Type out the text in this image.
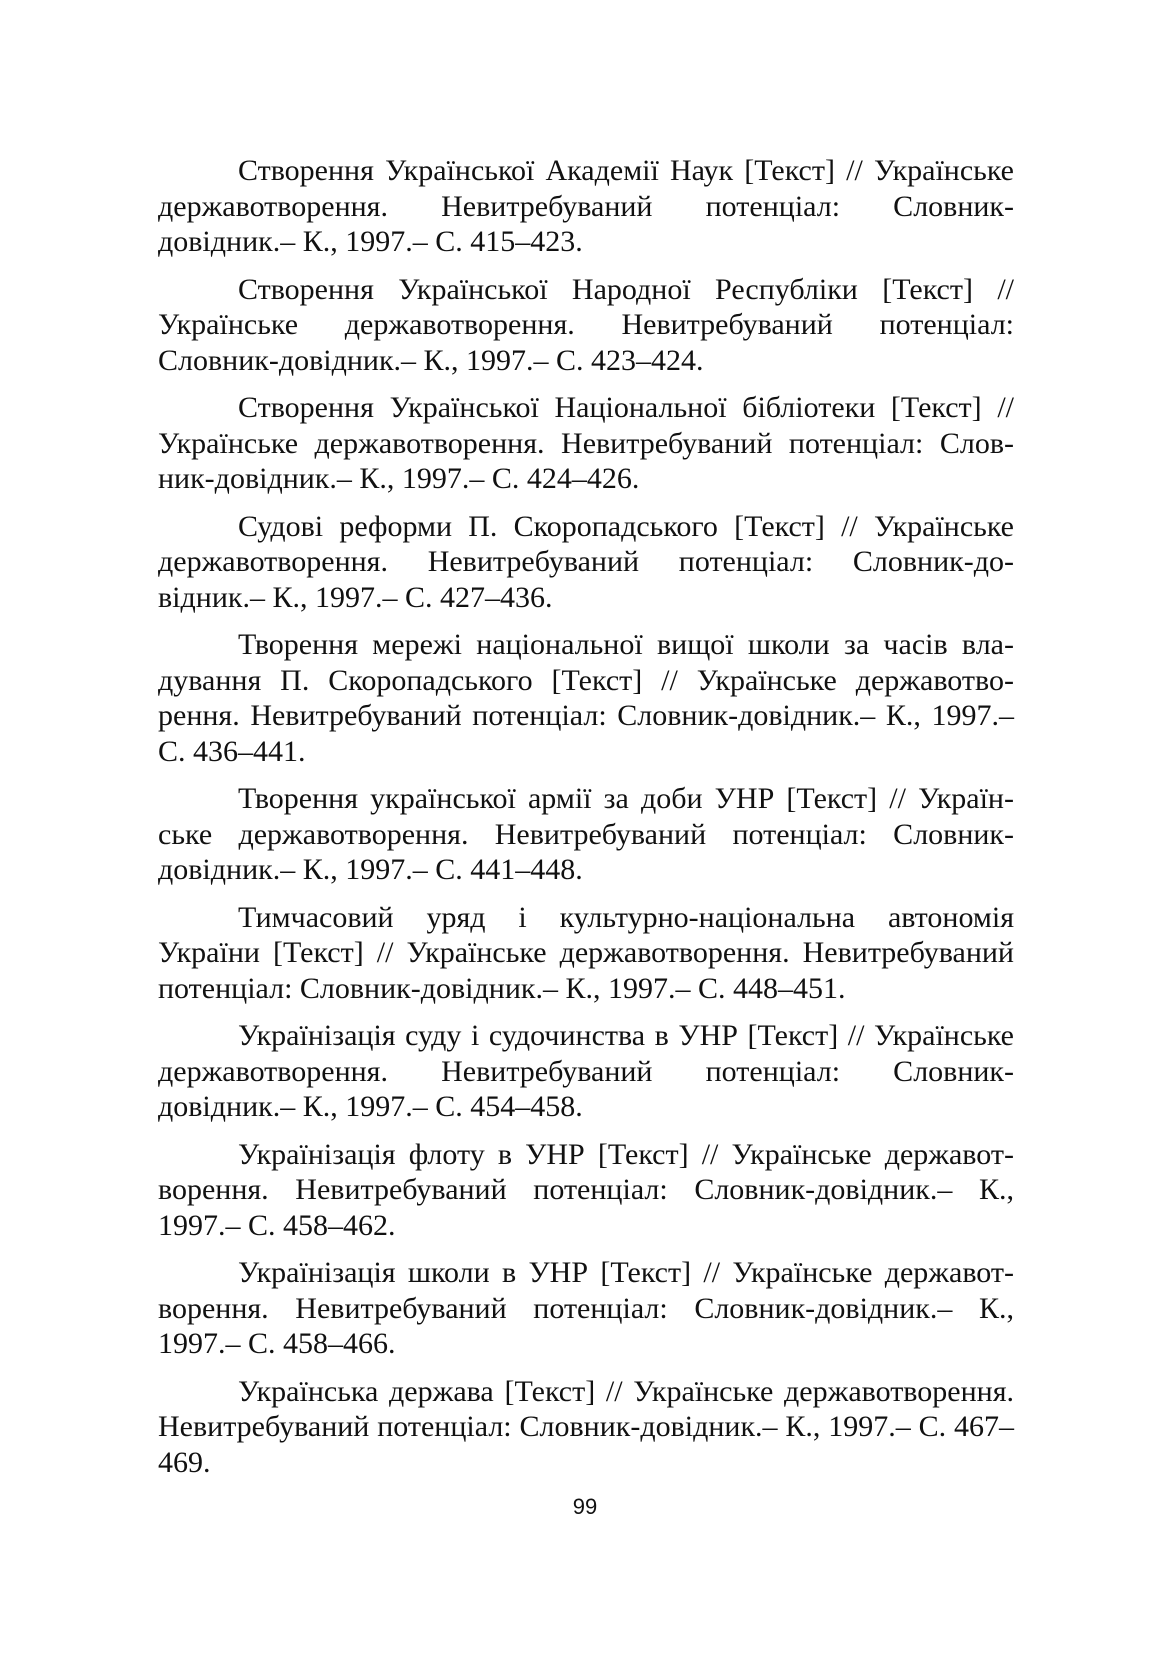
Створення Української Академії Наук [Текст] // Українське державотворення. Невитребуваний потенціал: Словник-довідник.– К., 1997.– С. 415–423.

Створення Української Народної Республіки [Текст] // Українське державотворення. Невитребуваний потенціал: Словник-довідник.– К., 1997.– С. 423–424.

Створення Української Національної бібліотеки [Текст] // Українське державотворення. Невитребуваний потенціал: Словник-довідник.– К., 1997.– С. 424–426.

Судові реформи П. Скоропадського [Текст] // Українське державотворення. Невитребуваний потенціал: Словник-довідник.– К., 1997.– С. 427–436.

Творення мережі національної вищої школи за часів владування П. Скоропадського [Текст] // Українське державотворення. Невитребуваний потенціал: Словник-довідник.– К., 1997.– С. 436–441.

Творення української армії за доби УНР [Текст] // Українське державотворення. Невитребуваний потенціал: Словник-довідник.– К., 1997.– С. 441–448.

Тимчасовий уряд і культурно-національна автономія України [Текст] // Українське державотворення. Невитребуваний потенціал: Словник-довідник.– К., 1997.– С. 448–451.

Українізація суду і судочинства в УНР [Текст] // Українське державотворення. Невитребуваний потенціал: Словник-довідник.– К., 1997.– С. 454–458.

Українізація флоту в УНР [Текст] // Українське державотворення. Невитребуваний потенціал: Словник-довідник.– К., 1997.– С. 458–462.

Українізація школи в УНР [Текст] // Українське державотворення. Невитребуваний потенціал: Словник-довідник.– К., 1997.– С. 458–466.

Українська держава [Текст] // Українське державотворення. Невитребуваний потенціал: Словник-довідник.– К., 1997.– С. 467–469.

99
